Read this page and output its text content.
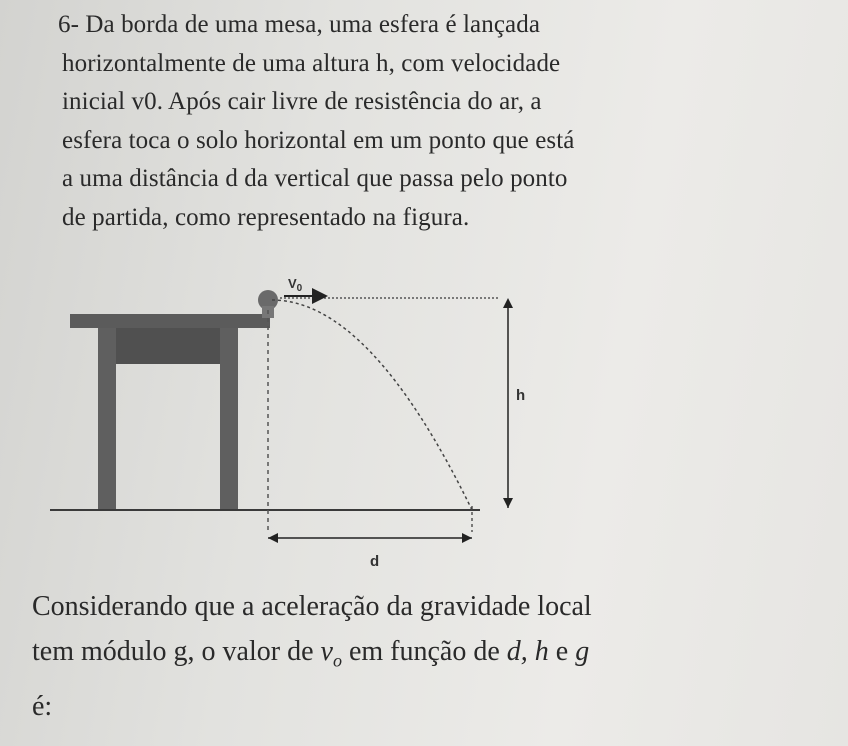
6- Da borda de uma mesa, uma esfera é lançada
horizontalmente de uma altura h, com velocidade
inicial v0. Após cair livre de resistência do ar, a
esfera toca o solo horizontal em um ponto que está
a uma distância d da vertical que passa pelo ponto
de partida, como representado na figura.
$V_0$
h
d
Considerando que a aceleração da gravidade local
tem módulo g, o valor de $v_o$ em função de d, h e g
é:
